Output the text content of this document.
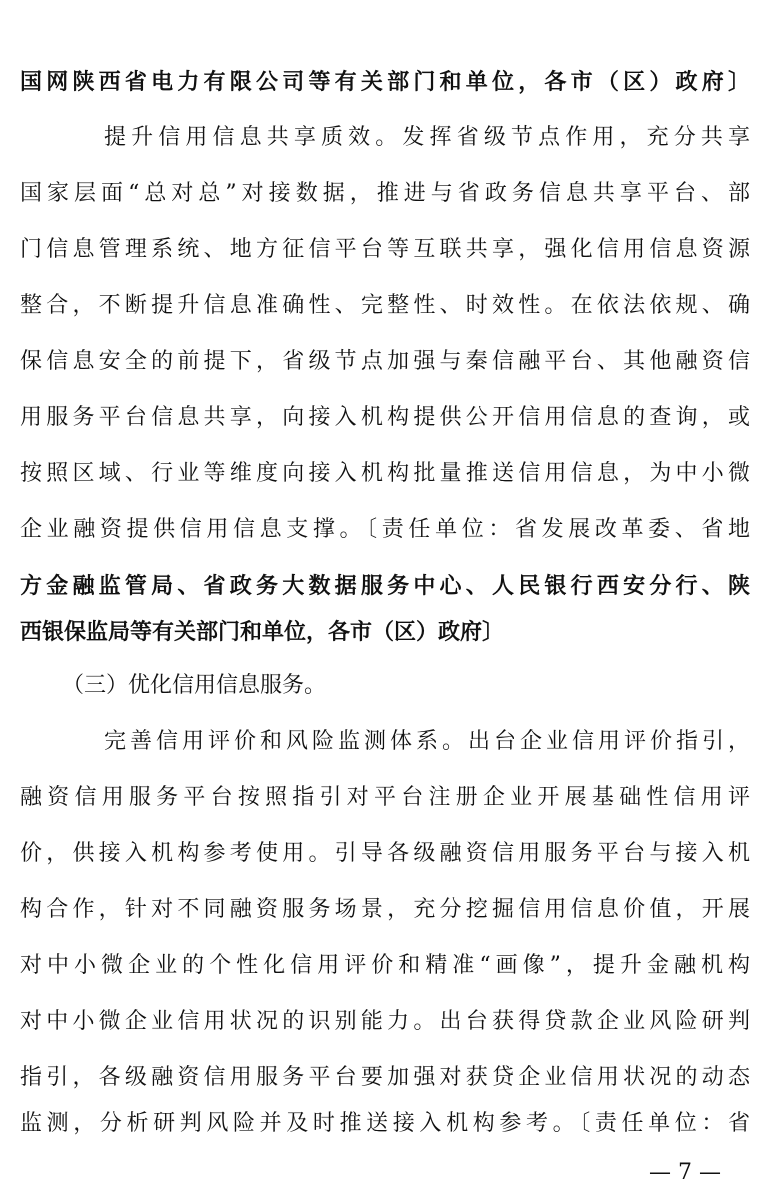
国网陕西省电力有限公司等有关部门和单位，各市（区）政府〕
提升信用信息共享质效。发挥省级节点作用，充分共享
国家层面“总对总”对接数据，推进与省政务信息共享平台、部
门信息管理系统、地方征信平台等互联共享，强化信用信息资源
整合，不断提升信息准确性、完整性、时效性。在依法依规、确
保信息安全的前提下，省级节点加强与秦信融平台、其他融资信
用服务平台信息共享，向接入机构提供公开信用信息的查询，或
按照区域、行业等维度向接入机构批量推送信用信息，为中小微
企业融资提供信用信息支撑。〔责任单位：省发展改革委、省地
方金融监管局、省政务大数据服务中心、人民银行西安分行、陕
西银保监局等有关部门和单位，各市（区）政府〕
（三）优化信用信息服务。
完善信用评价和风险监测体系。出台企业信用评价指引，
融资信用服务平台按照指引对平台注册企业开展基础性信用评
价，供接入机构参考使用。引导各级融资信用服务平台与接入机
构合作，针对不同融资服务场景，充分挖掘信用信息价值，开展
对中小微企业的个性化信用评价和精准“画像”，提升金融机构
对中小微企业信用状况的识别能力。出台获得贷款企业风险研判
指引，各级融资信用服务平台要加强对获贷企业信用状况的动态
监测，分析研判风险并及时推送接入机构参考。〔责任单位：省
— 7 —
